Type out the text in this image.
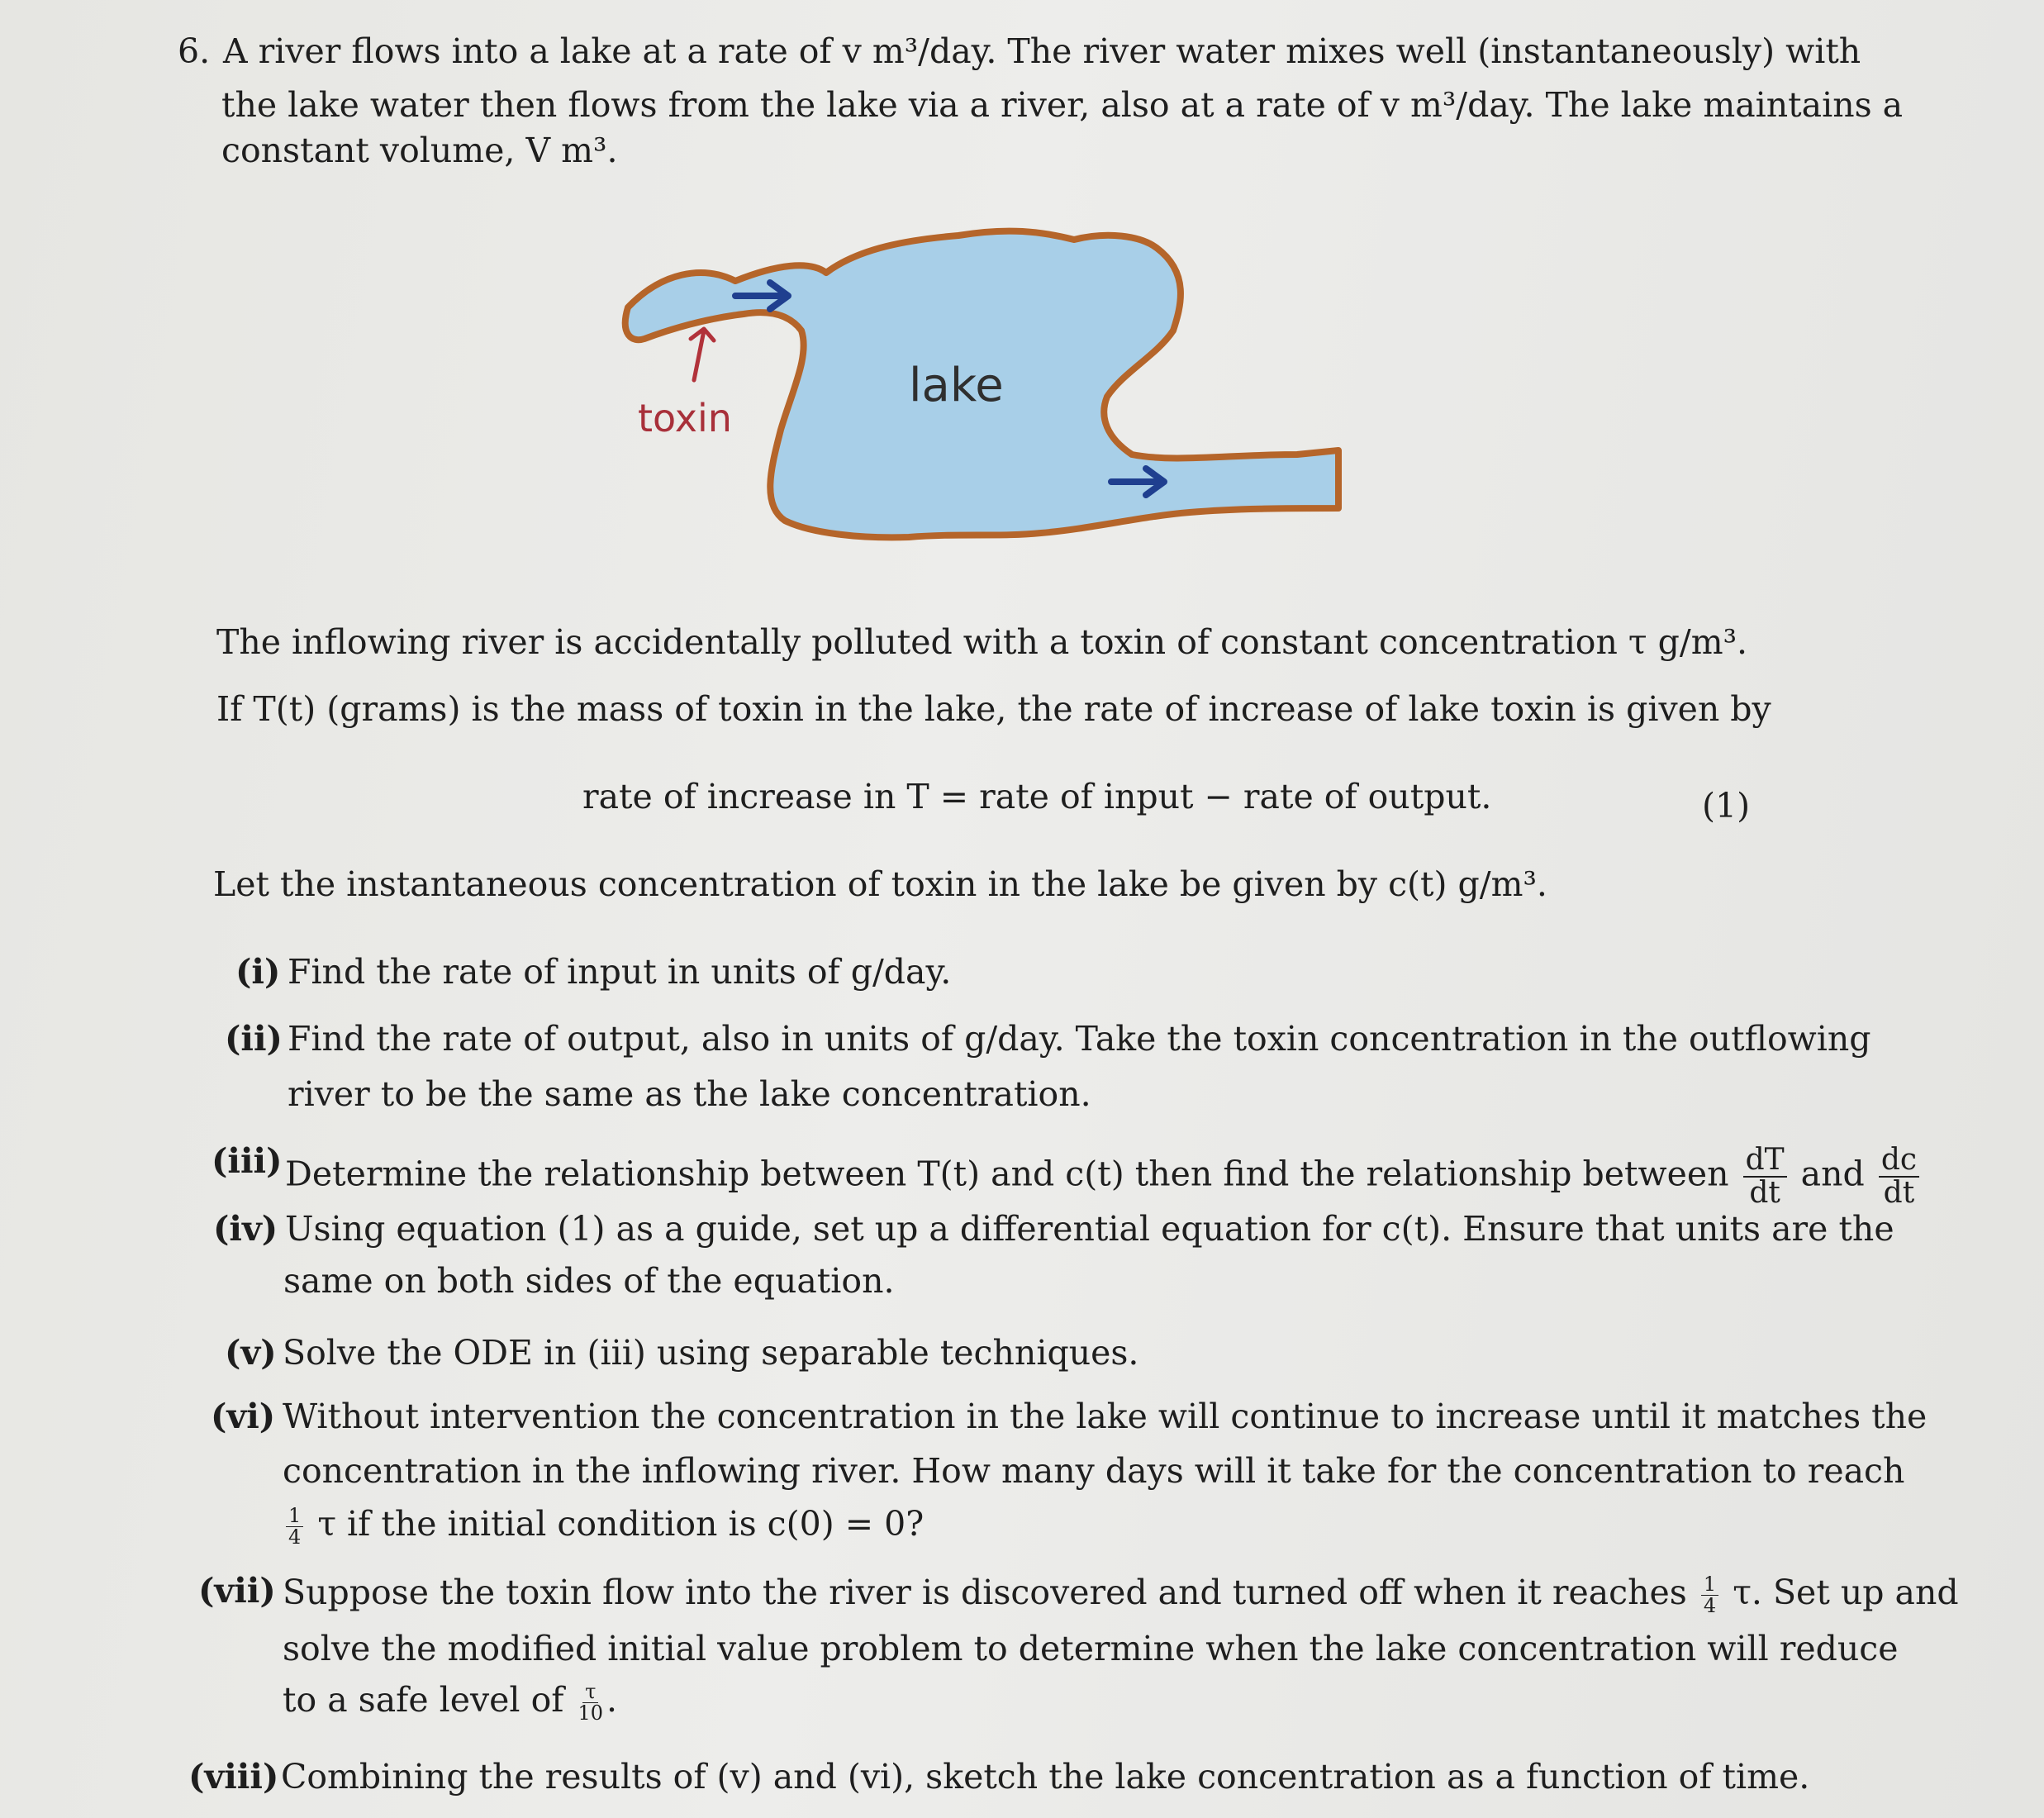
6. A river flows into a lake at a rate of v m³/day. The river water mixes well (instantaneously) with
the lake water then flows from the lake via a river, also at a rate of v m³/day. The lake maintains a
constant volume, V m³.
toxin
lake
The inflowing river is accidentally polluted with a toxin of constant concentration τ g/m³.
If T(t) (grams) is the mass of toxin in the lake, the rate of increase of lake toxin is given by
rate of increase in T = rate of input − rate of output.	(1)
Let the instantaneous concentration of toxin in the lake be given by c(t) g/m³.
(i) Find the rate of input in units of g/day.
(ii) Find the rate of output, also in units of g/day. Take the toxin concentration in the outflowing
river to be the same as the lake concentration.
(iii) Determine the relationship between T(t) and c(t) then find the relationship between $\frac{dT}{dt}$ and $\frac{dc}{dt}$
(iv) Using equation (1) as a guide, set up a differential equation for c(t). Ensure that units are the
same on both sides of the equation.
(v) Solve the ODE in (iii) using separable techniques.
(vi) Without intervention the concentration in the lake will continue to increase until it matches the
concentration in the inflowing river. How many days will it take for the concentration to reach
$\frac{1}{4}$ τ if the initial condition is c(0) = 0?
(vii) Suppose the toxin flow into the river is discovered and turned off when it reaches $\frac{1}{4} \tau$. Set up and
solve the modified initial value problem to determine when the lake concentration will reduce
to a safe level of $\frac{\tau}{10}$ .
(viii) Combining the results of (v) and (vi), sketch the lake concentration as a function of time.
